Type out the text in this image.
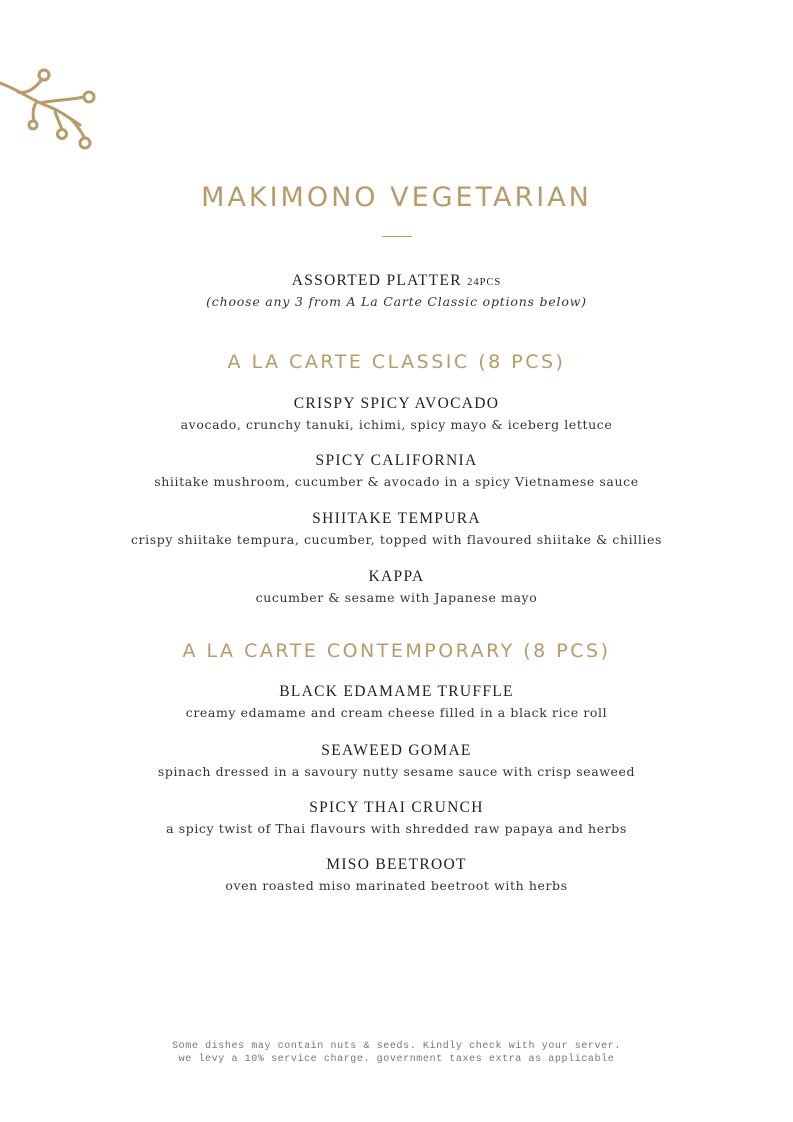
MAKIMONO VEGETARIAN
ASSORTED PLATTER 24PCS
(choose any 3 from A La Carte Classic options below)
A LA CARTE CLASSIC (8 PCS)
CRISPY SPICY AVOCADO
avocado, crunchy tanuki, ichimi, spicy mayo & iceberg lettuce
SPICY CALIFORNIA
shiitake mushroom, cucumber & avocado in a spicy Vietnamese sauce
SHIITAKE TEMPURA
crispy shiitake tempura, cucumber, topped with flavoured shiitake & chillies
KAPPA
cucumber & sesame with Japanese mayo
A LA CARTE CONTEMPORARY (8 PCS)
BLACK EDAMAME TRUFFLE
creamy edamame and cream cheese filled in a black rice roll
SEAWEED GOMAE
spinach dressed in a savoury nutty sesame sauce with crisp seaweed
SPICY THAI CRUNCH
a spicy twist of Thai flavours with shredded raw papaya and herbs
MISO BEETROOT
oven roasted miso marinated beetroot with herbs
Some dishes may contain nuts & seeds. Kindly check with your server.
we levy a 10% service charge. government taxes extra as applicable
